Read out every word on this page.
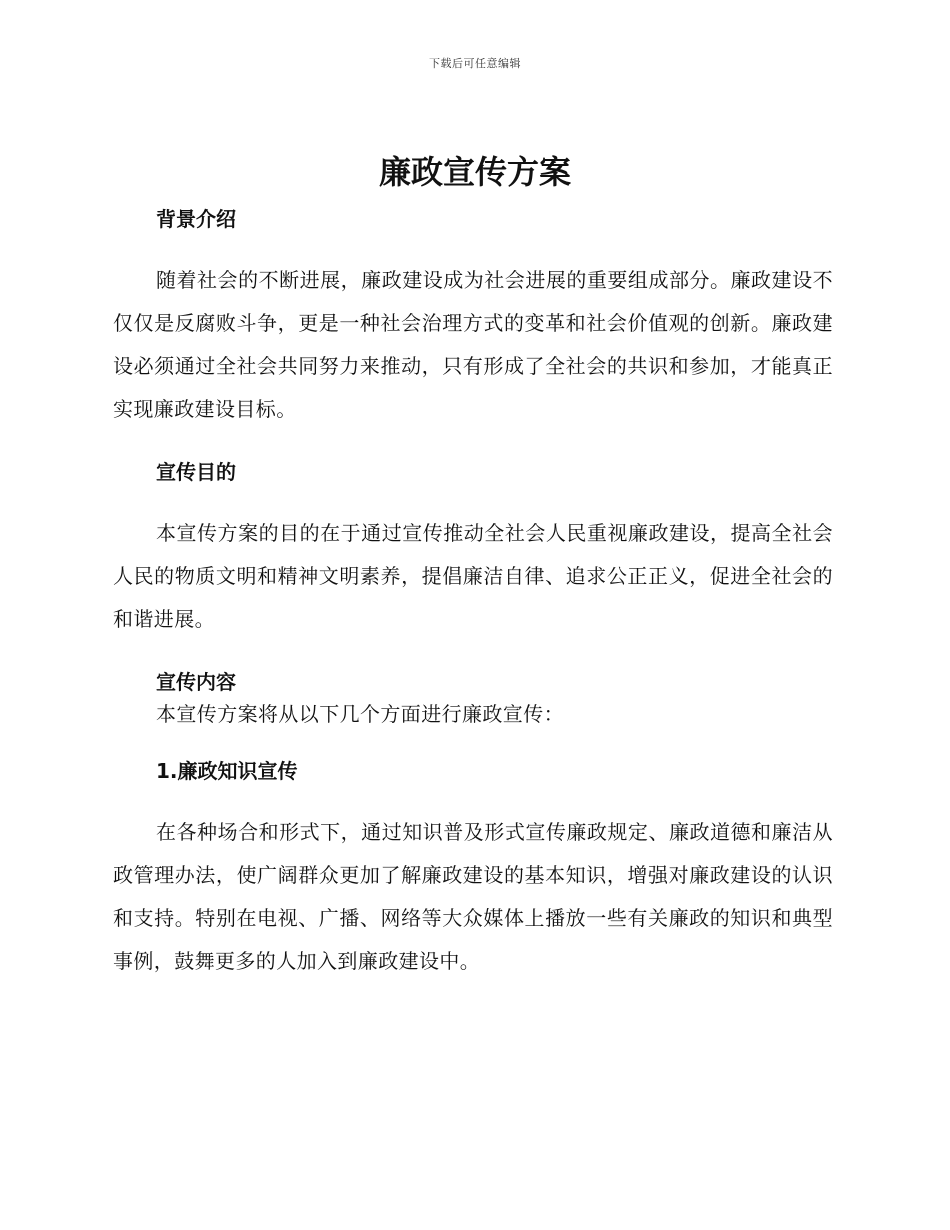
下载后可任意编辑
廉政宣传方案
背景介绍

随着社会的不断进展，廉政建设成为社会进展的重要组成部分。廉政建设不仅仅是反腐败斗争，更是一种社会治理方式的变革和社会价值观的创新。廉政建设必须通过全社会共同努力来推动，只有形成了全社会的共识和参加，才能真正实现廉政建设目标。

宣传目的

本宣传方案的目的在于通过宣传推动全社会人民重视廉政建设，提高全社会人民的物质文明和精神文明素养，提倡廉洁自律、追求公正正义，促进全社会的和谐进展。

宣传内容

本宣传方案将从以下几个方面进行廉政宣传：

1.廉政知识宣传

在各种场合和形式下，通过知识普及形式宣传廉政规定、廉政道德和廉洁从政管理办法，使广阔群众更加了解廉政建设的基本知识，增强对廉政建设的认识和支持。特别在电视、广播、网络等大众媒体上播放一些有关廉政的知识和典型事例，鼓舞更多的人加入到廉政建设中。
